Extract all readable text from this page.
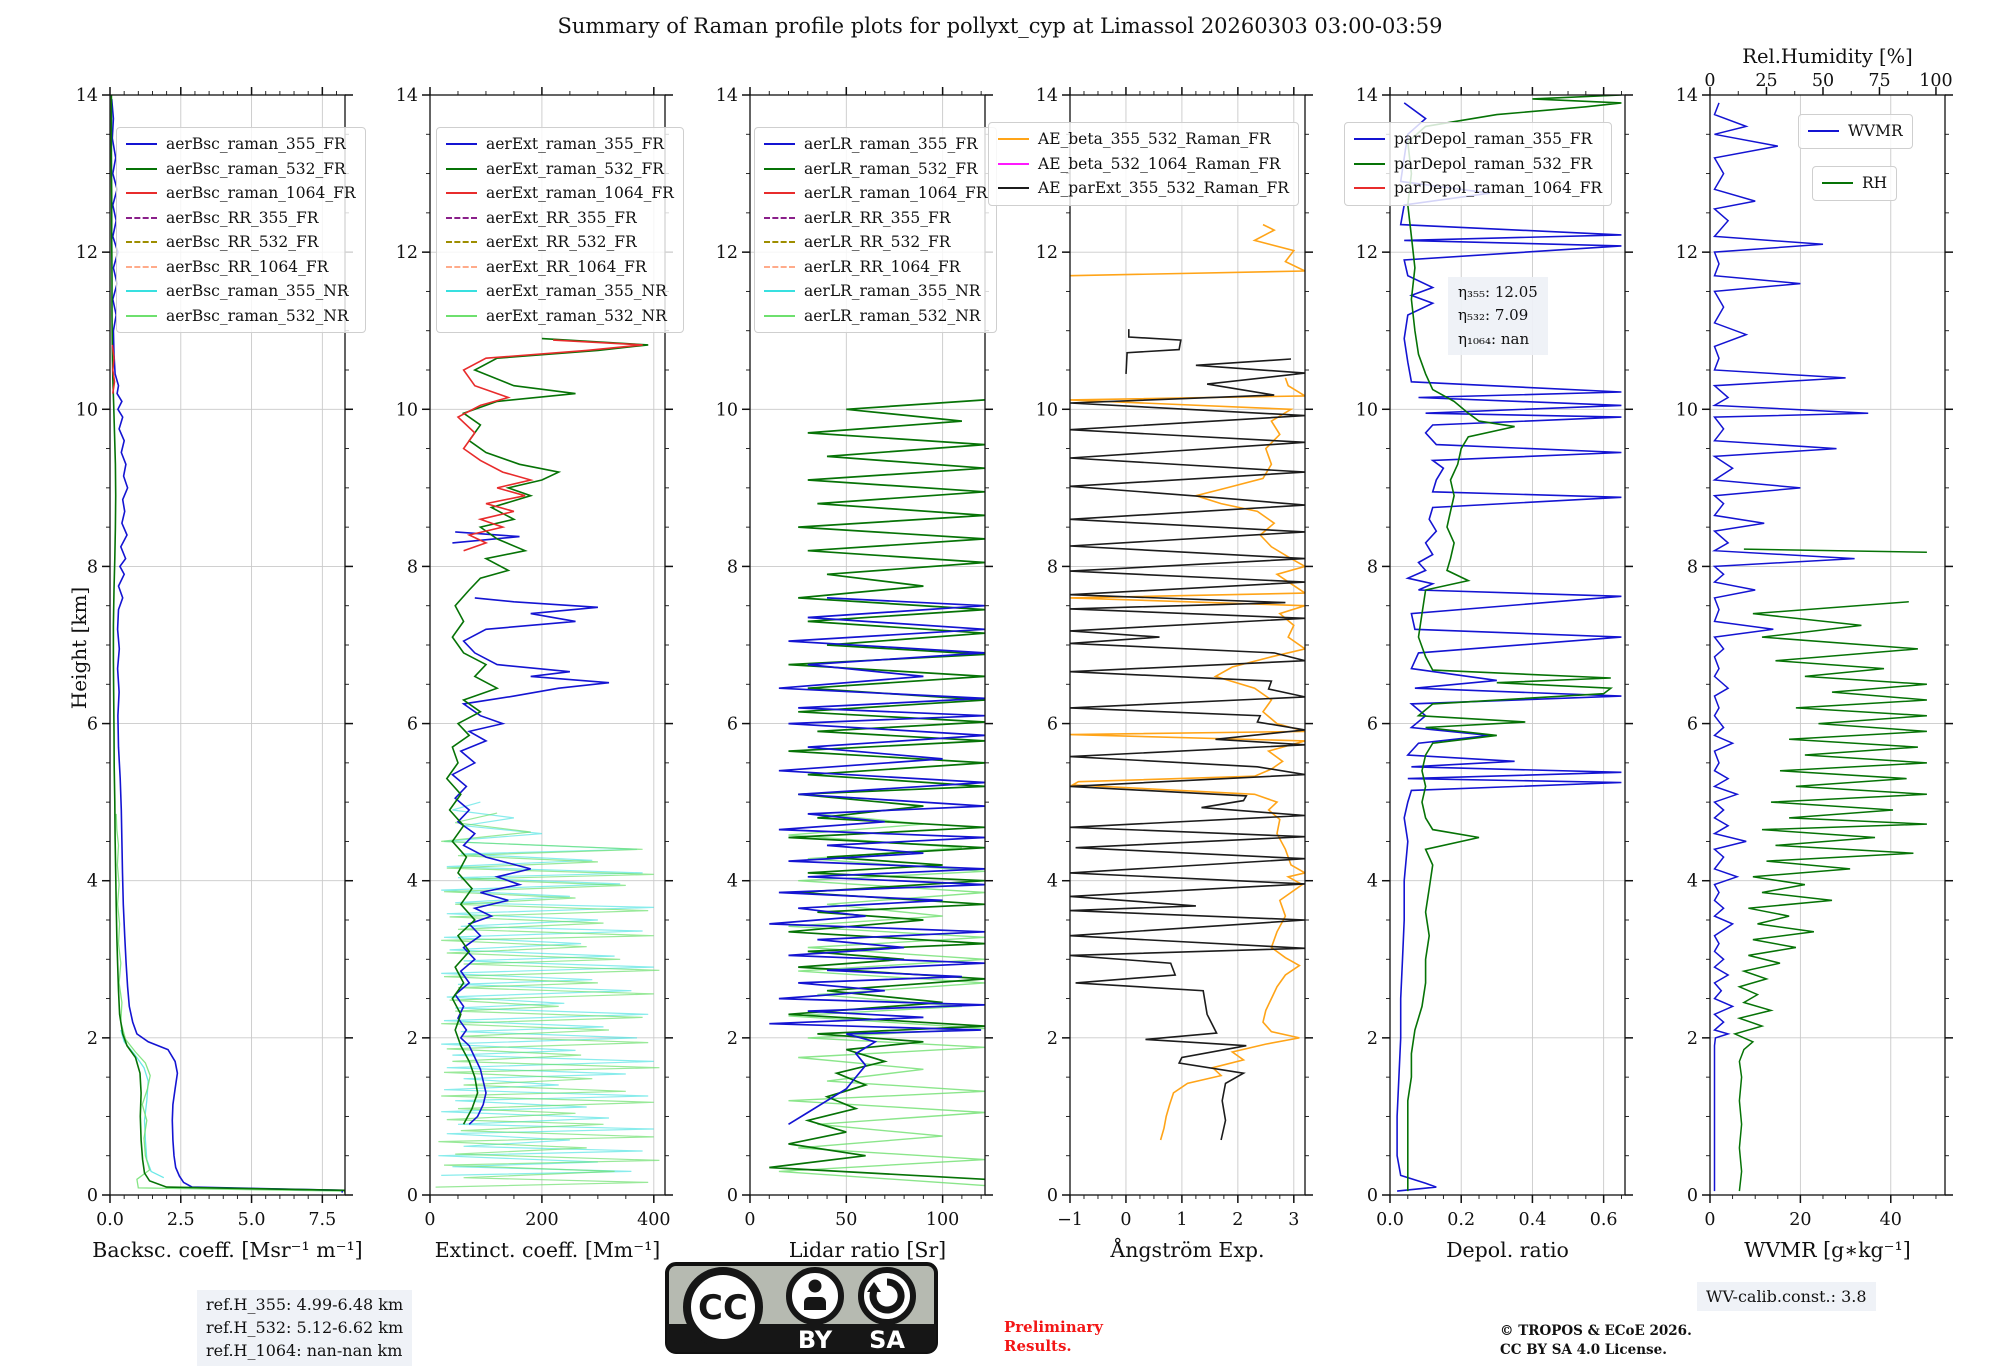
Summary of Raman profile plots for pollyxt_cyp at Limassol 20260303 03:00-03:59
Height [km]
0
2
4
6
8
10
12
14
0.0 2.5 5.0 7.5
Backsc. coeff. [Msr⁻¹ m⁻¹]
0
2
4
6
8
10
12
14
0	200	400
Extinct. coeff. [Mm⁻¹]
0
2
4
6
8
10
12
14
0	50	100
Lidar ratio [Sr]
0
2
4
6
8
10
12
14
−1 0	1	2	3
Ångström Exp.
0
2
4
6
8
10
12
14
0.0 0.2 0.4 0.6
Depol. ratio
0
2
4
6
8
10
12
14
0	20	40
0 25 50 75 100
Rel.Humidity [%]
WVMR [g∗kg⁻¹]
aerBsc_raman_355_FR
aerBsc_raman_532_FR
aerBsc_raman_1064_FR
aerBsc_RR_355_FR
aerBsc_RR_532_FR
aerBsc_RR_1064_FR
aerBsc_raman_355_NR
aerBsc_raman_532_NR
aerExt_raman_355_FR
aerExt_raman_532_FR
aerExt_raman_1064_FR
aerExt_RR_355_FR
aerExt_RR_532_FR
aerExt_RR_1064_FR
aerExt_raman_355_NR
aerExt_raman_532_NR
aerLR_raman_355_FR
aerLR_raman_532_FR
aerLR_raman_1064_FR
aerLR_RR_355_FR
aerLR_RR_532_FR
aerLR_RR_1064_FR
aerLR_raman_355_NR
aerLR_raman_532_NR
AE_beta_355_532_Raman_FR
AE_beta_532_1064_Raman_FR
AE_parExt_355_532_Raman_FR
parDepol_raman_355_FR
parDepol_raman_532_FR
parDepol_raman_1064_FR
WVMR
RH
η₃₅₅: 12.05
η₅₃₂: 7.09
η₁₀₆₄: nan
ref.H_355: 4.99-6.48 km
ref.H_532: 5.12-6.62 km
ref.H_1064: nan-nan km
WV-calib.const.: 3.8
Preliminary
Results.
© TROPOS & ECoE 2026.
CC BY SA 4.0 License.
CC
BY SA
